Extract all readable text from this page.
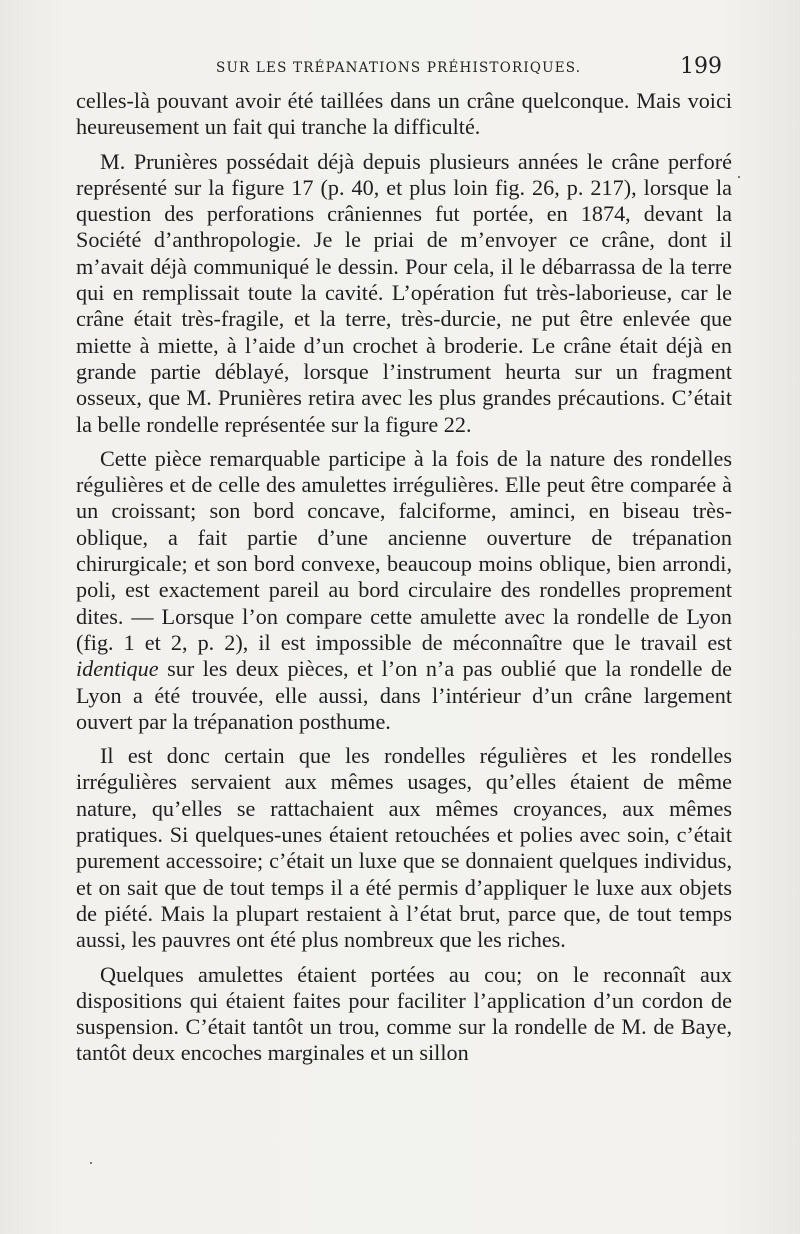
SUR LES TRÉPANATIONS PRÉHISTORIQUES.	199

celles-là pouvant avoir été taillées dans un crâne quelconque. Mais voici heureusement un fait qui tranche la difficulté.

M. Prunières possédait déjà depuis plusieurs années le crâne perforé représenté sur la figure 17 (p. 40, et plus loin fig. 26, p. 217), lorsque la question des perforations crâniennes fut portée, en 1874, devant la Société d’anthropologie. Je le priai de m’envoyer ce crâne, dont il m’avait déjà communiqué le dessin. Pour cela, il le débarrassa de la terre qui en remplissait toute la cavité. L’opération fut très-laborieuse, car le crâne était très-fragile, et la terre, très-durcie, ne put être enlevée que miette à miette, à l’aide d’un crochet à broderie. Le crâne était déjà en grande partie déblayé, lorsque l’instrument heurta sur un fragment osseux, que M. Prunières retira avec les plus grandes précautions. C’était la belle rondelle représentée sur la figure 22.

Cette pièce remarquable participe à la fois de la nature des rondelles régulières et de celle des amulettes irrégulières. Elle peut être comparée à un croissant; son bord concave, falciforme, aminci, en biseau très-oblique, a fait partie d’une ancienne ouverture de trépanation chirurgicale; et son bord convexe, beaucoup moins oblique, bien arrondi, poli, est exactement pareil au bord circulaire des rondelles proprement dites. — Lorsque l’on compare cette amulette avec la rondelle de Lyon (fig. 1 et 2, p. 2), il est impossible de méconnaître que le travail est identique sur les deux pièces, et l’on n’a pas oublié que la rondelle de Lyon a été trouvée, elle aussi, dans l’intérieur d’un crâne largement ouvert par la trépanation posthume.

Il est donc certain que les rondelles régulières et les rondelles irrégulières servaient aux mêmes usages, qu’elles étaient de même nature, qu’elles se rattachaient aux mêmes croyances, aux mêmes pratiques. Si quelques-unes étaient retouchées et polies avec soin, c’était purement accessoire; c’était un luxe que se donnaient quelques individus, et on sait que de tout temps il a été permis d’appliquer le luxe aux objets de piété. Mais la plupart restaient à l’état brut, parce que, de tout temps aussi, les pauvres ont été plus nombreux que les riches.

Quelques amulettes étaient portées au cou; on le reconnaît aux dispositions qui étaient faites pour faciliter l’application d’un cordon de suspension. C’était tantôt un trou, comme sur la rondelle de M. de Baye, tantôt deux encoches marginales et un sillon
